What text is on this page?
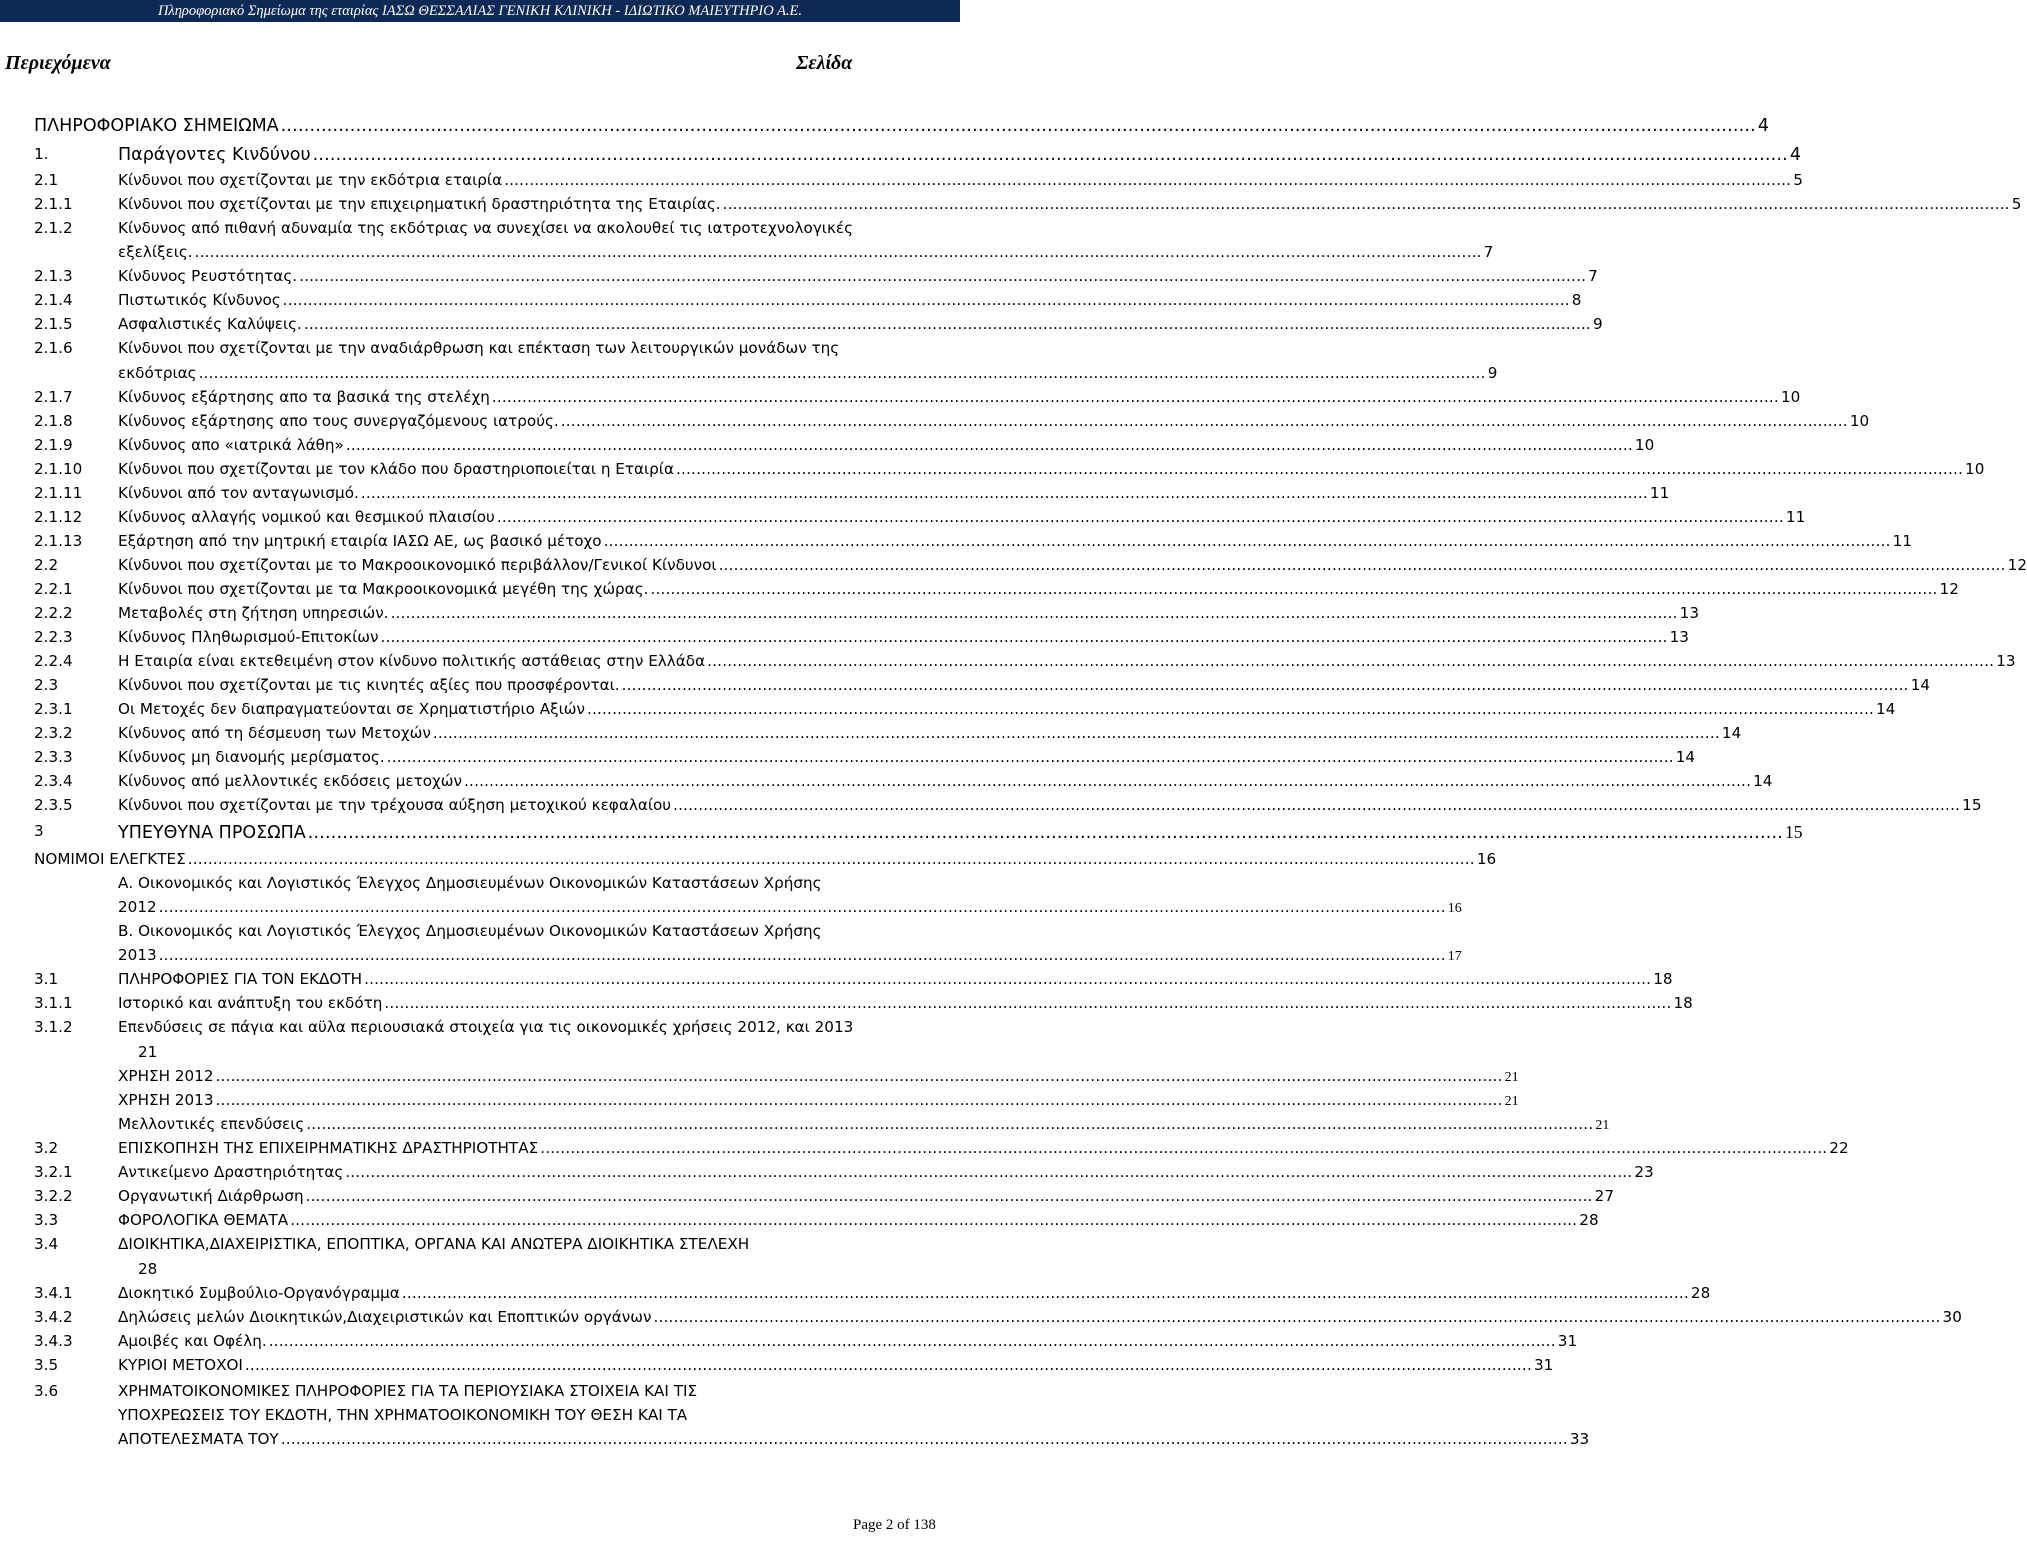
Πληροφοριακό Σημείωμα της εταιρίας ΙΑΣΩ ΘΕΣΣΑΛΙΑΣ ΓΕΝΙΚΗ ΚΛΙΝΙΚΗ - ΙΔΙΩΤΙΚΟ ΜΑΙΕΥΤΗΡΙΟ Α.Ε.
Περιεχόμενα	Σελίδα
ΠΛΗΡΟΦΟΡΙΑΚΟ ΣΗΜΕΙΩΜΑ .....	4
1.	Παράγοντες Κινδύνου .....	4
2.1	Κίνδυνοι που σχετίζονται με την εκδότρια εταιρία .....	5
2.1.1	Κίνδυνοι που σχετίζονται με την επιχειρηματική δραστηριότητα της Εταιρίας. .....	5
2.1.2	Κίνδυνος από πιθανή αδυναμία της εκδότριας να συνεχίσει να ακολουθεί τις ιατροτεχνολογικές
εξελίξεις. .....	7
2.1.3	Κίνδυνος Ρευστότητας. .....	7
2.1.4	Πιστωτικός Κίνδυνος .....	8
2.1.5	Ασφαλιστικές Καλύψεις. .....	9
2.1.6	Κίνδυνοι που σχετίζονται με την αναδιάρθρωση και επέκταση των λειτουργικών μονάδων της
εκδότριας .....	9
2.1.7	Κίνδυνος εξάρτησης απο τα βασικά της στελέχη .....	10
2.1.8	Κίνδυνος εξάρτησης απο τους συνεργαζόμενους ιατρούς. .....	10
2.1.9	Κίνδυνος απο «ιατρικά λάθη» .....	10
2.1.10 Κίνδυνοι που σχετίζονται με τον κλάδο που δραστηριοποιείται η Εταιρία .....	10
2.1.11 Κίνδυνοι από τον ανταγωνισμό. .....	11
2.1.12 Κίνδυνος αλλαγής νομικού και θεσμικού πλαισίου .....	11
2.1.13 Εξάρτηση από την μητρική εταιρία ΙΑΣΩ ΑΕ, ως βασικό μέτοχο .....	11
2.2	Κίνδυνοι που σχετίζονται με το Μακροοικονομικό περιβάλλον/Γενικοί Κίνδυνοι .....	12
2.2.1	Κίνδυνοι που σχετίζονται με τα Μακροοικονομικά μεγέθη της χώρας. .....	12
2.2.2	Μεταβολές στη ζήτηση υπηρεσιών. .....	13
2.2.3	Κίνδυνος Πληθωρισμού-Επιτοκίων .....	13
2.2.4	Η Εταιρία είναι εκτεθειμένη στον κίνδυνο πολιτικής αστάθειας στην Ελλάδα .....	13
2.3	Κίνδυνοι που σχετίζονται με τις κινητές αξίες που προσφέρονται. .....	14
2.3.1	Οι Μετοχές δεν διαπραγματεύονται σε Χρηματιστήριο Αξιών .....	14
2.3.2	Κίνδυνος από τη δέσμευση των Μετοχών .....	14
2.3.3	Κίνδυνος μη διανομής μερίσματος. .....	14
2.3.4	Κίνδυνος από μελλοντικές εκδόσεις μετοχών .....	14
2.3.5	Κίνδυνοι που σχετίζονται με την τρέχουσα αύξηση μετοχικού κεφαλαίου .....	15
3	ΥΠΕΥΘΥΝΑ ΠΡΟΣΩΠΑ .....	15
ΝΟΜΙΜΟΙ ΕΛΕΓΚΤΕΣ .....	16
Α. Οικονομικός και Λογιστικός Έλεγχος Δημοσιευμένων Οικονομικών Καταστάσεων Χρήσης
2012 .....	16
Β. Οικονομικός και Λογιστικός Έλεγχος Δημοσιευμένων Οικονομικών Καταστάσεων Χρήσης
2013 .....	17
3.1	ΠΛΗΡΟΦΟΡΙΕΣ ΓΙΑ ΤΟΝ ΕΚΔΟΤΗ .....	18
3.1.1	Ιστορικό και ανάπτυξη του εκδότη .....	18
3.1.2	Επενδύσεις σε πάγια και αϋλα περιουσιακά στοιχεία για τις οικονομικές χρήσεις 2012, και 2013
21
ΧΡΗΣΗ 2012 .....	21
ΧΡΗΣΗ 2013 .....	21
Μελλοντικές επενδύσεις .....	21
3.2	ΕΠΙΣΚΟΠΗΣΗ ΤΗΣ ΕΠΙΧΕΙΡΗΜΑΤΙΚΗΣ ΔΡΑΣΤΗΡΙΟΤΗΤΑΣ .....	22
3.2.1	Αντικείμενο Δραστηριότητας .....	23
3.2.2	Οργανωτική Διάρθρωση .....	27
3.3	ΦΟΡΟΛΟΓΙΚΑ ΘΕΜΑΤΑ .....	28
3.4	ΔΙΟΙΚΗΤΙΚΑ,ΔΙΑΧΕΙΡΙΣΤΙΚΑ, ΕΠΟΠΤΙΚΑ, ΟΡΓΑΝΑ ΚΑΙ ΑΝΩΤΕΡΑ ΔΙΟΙΚΗΤΙΚΑ ΣΤΕΛΕΧΗ
28
3.4.1	Διοκητικό Συμβούλιο-Οργανόγραμμα .....	28
3.4.2	Δηλώσεις μελών Διοικητικών,Διαχειριστικών και Εποπτικών οργάνων .....	30
3.4.3	Αμοιβές και Οφέλη. .....	31
3.5	ΚΥΡΙΟΙ ΜΕΤΟΧΟΙ .....	31
3.6	ΧΡΗΜΑΤΟΙΚΟΝΟΜΙΚΕΣ ΠΛΗΡΟΦΟΡΙΕΣ ΓΙΑ ΤΑ ΠΕΡΙΟΥΣΙΑΚΑ ΣΤΟΙΧΕΙΑ ΚΑΙ ΤΙΣ
ΥΠΟΧΡΕΩΣΕΙΣ ΤΟΥ ΕΚΔΟΤΗ, ΤΗΝ ΧΡΗΜΑΤΟΟΙΚΟΝΟΜΙΚΗ ΤΟΥ ΘΕΣΗ ΚΑΙ ΤΑ
ΑΠΟΤΕΛΕΣΜΑΤΑ ΤΟΥ .....	33
Page 2 of 138
